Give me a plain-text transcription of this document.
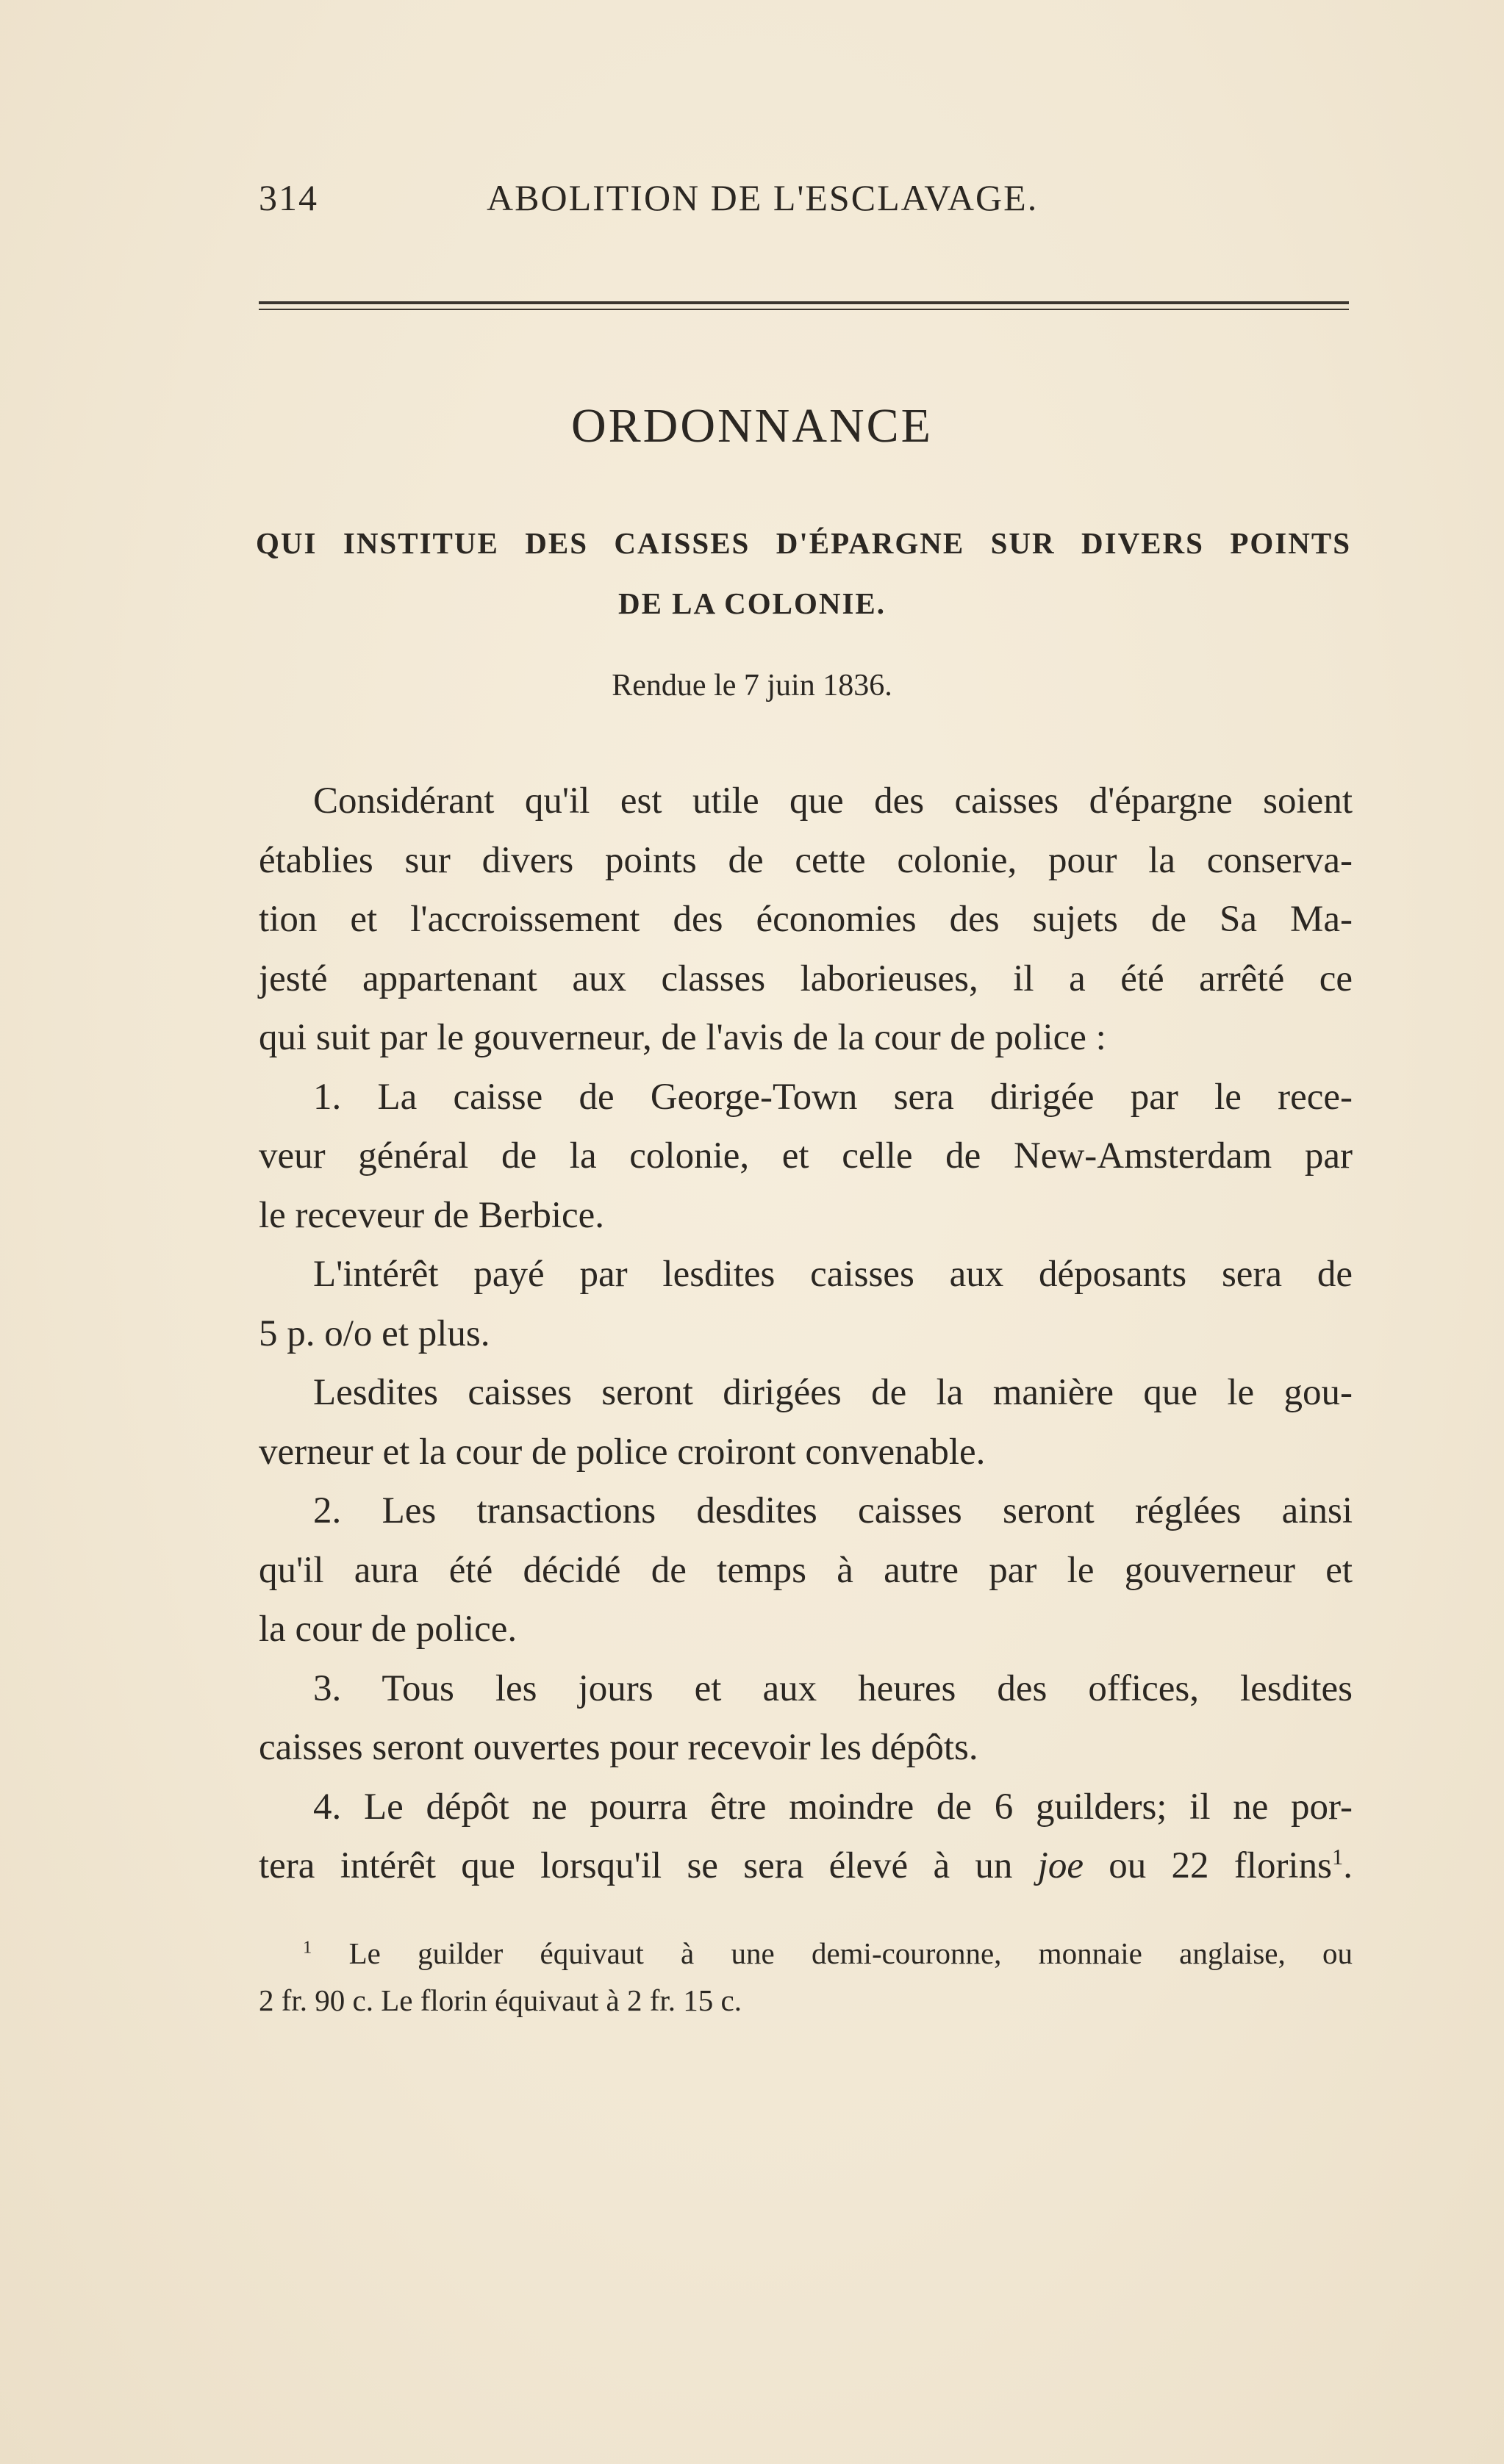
314	ABOLITION DE L'ESCLAVAGE.
ORDONNANCE
QUI INSTITUE DES CAISSES D'ÉPARGNE SUR DIVERS POINTS
DE LA COLONIE.
Rendue le 7 juin 1836.
Considérant qu'il est utile que des caisses d'épargne soient
établies sur divers points de cette colonie, pour la conserva-
tion et l'accroissement des économies des sujets de Sa Ma-
jesté appartenant aux classes laborieuses, il a été arrêté ce
qui suit par le gouverneur, de l'avis de la cour de police :
1. La caisse de George-Town sera dirigée par le rece-
veur général de la colonie, et celle de New-Amsterdam par
le receveur de Berbice.
L'intérêt payé par lesdites caisses aux déposants sera de
5 p. o/o et plus.
Lesdites caisses seront dirigées de la manière que le gou-
verneur et la cour de police croiront convenable.
2. Les transactions desdites caisses seront réglées ainsi
qu'il aura été décidé de temps à autre par le gouverneur et
la cour de police.
3. Tous les jours et aux heures des offices, lesdites
caisses seront ouvertes pour recevoir les dépôts.
4. Le dépôt ne pourra être moindre de 6 guilders; il ne por-
tera intérêt que lorsqu'il se sera élevé à un joe ou 22 florins$^1$.
$^1$ Le guilder équivaut à une demi-couronne, monnaie anglaise, ou
2 fr. 90 c. Le florin équivaut à 2 fr. 15 c.
